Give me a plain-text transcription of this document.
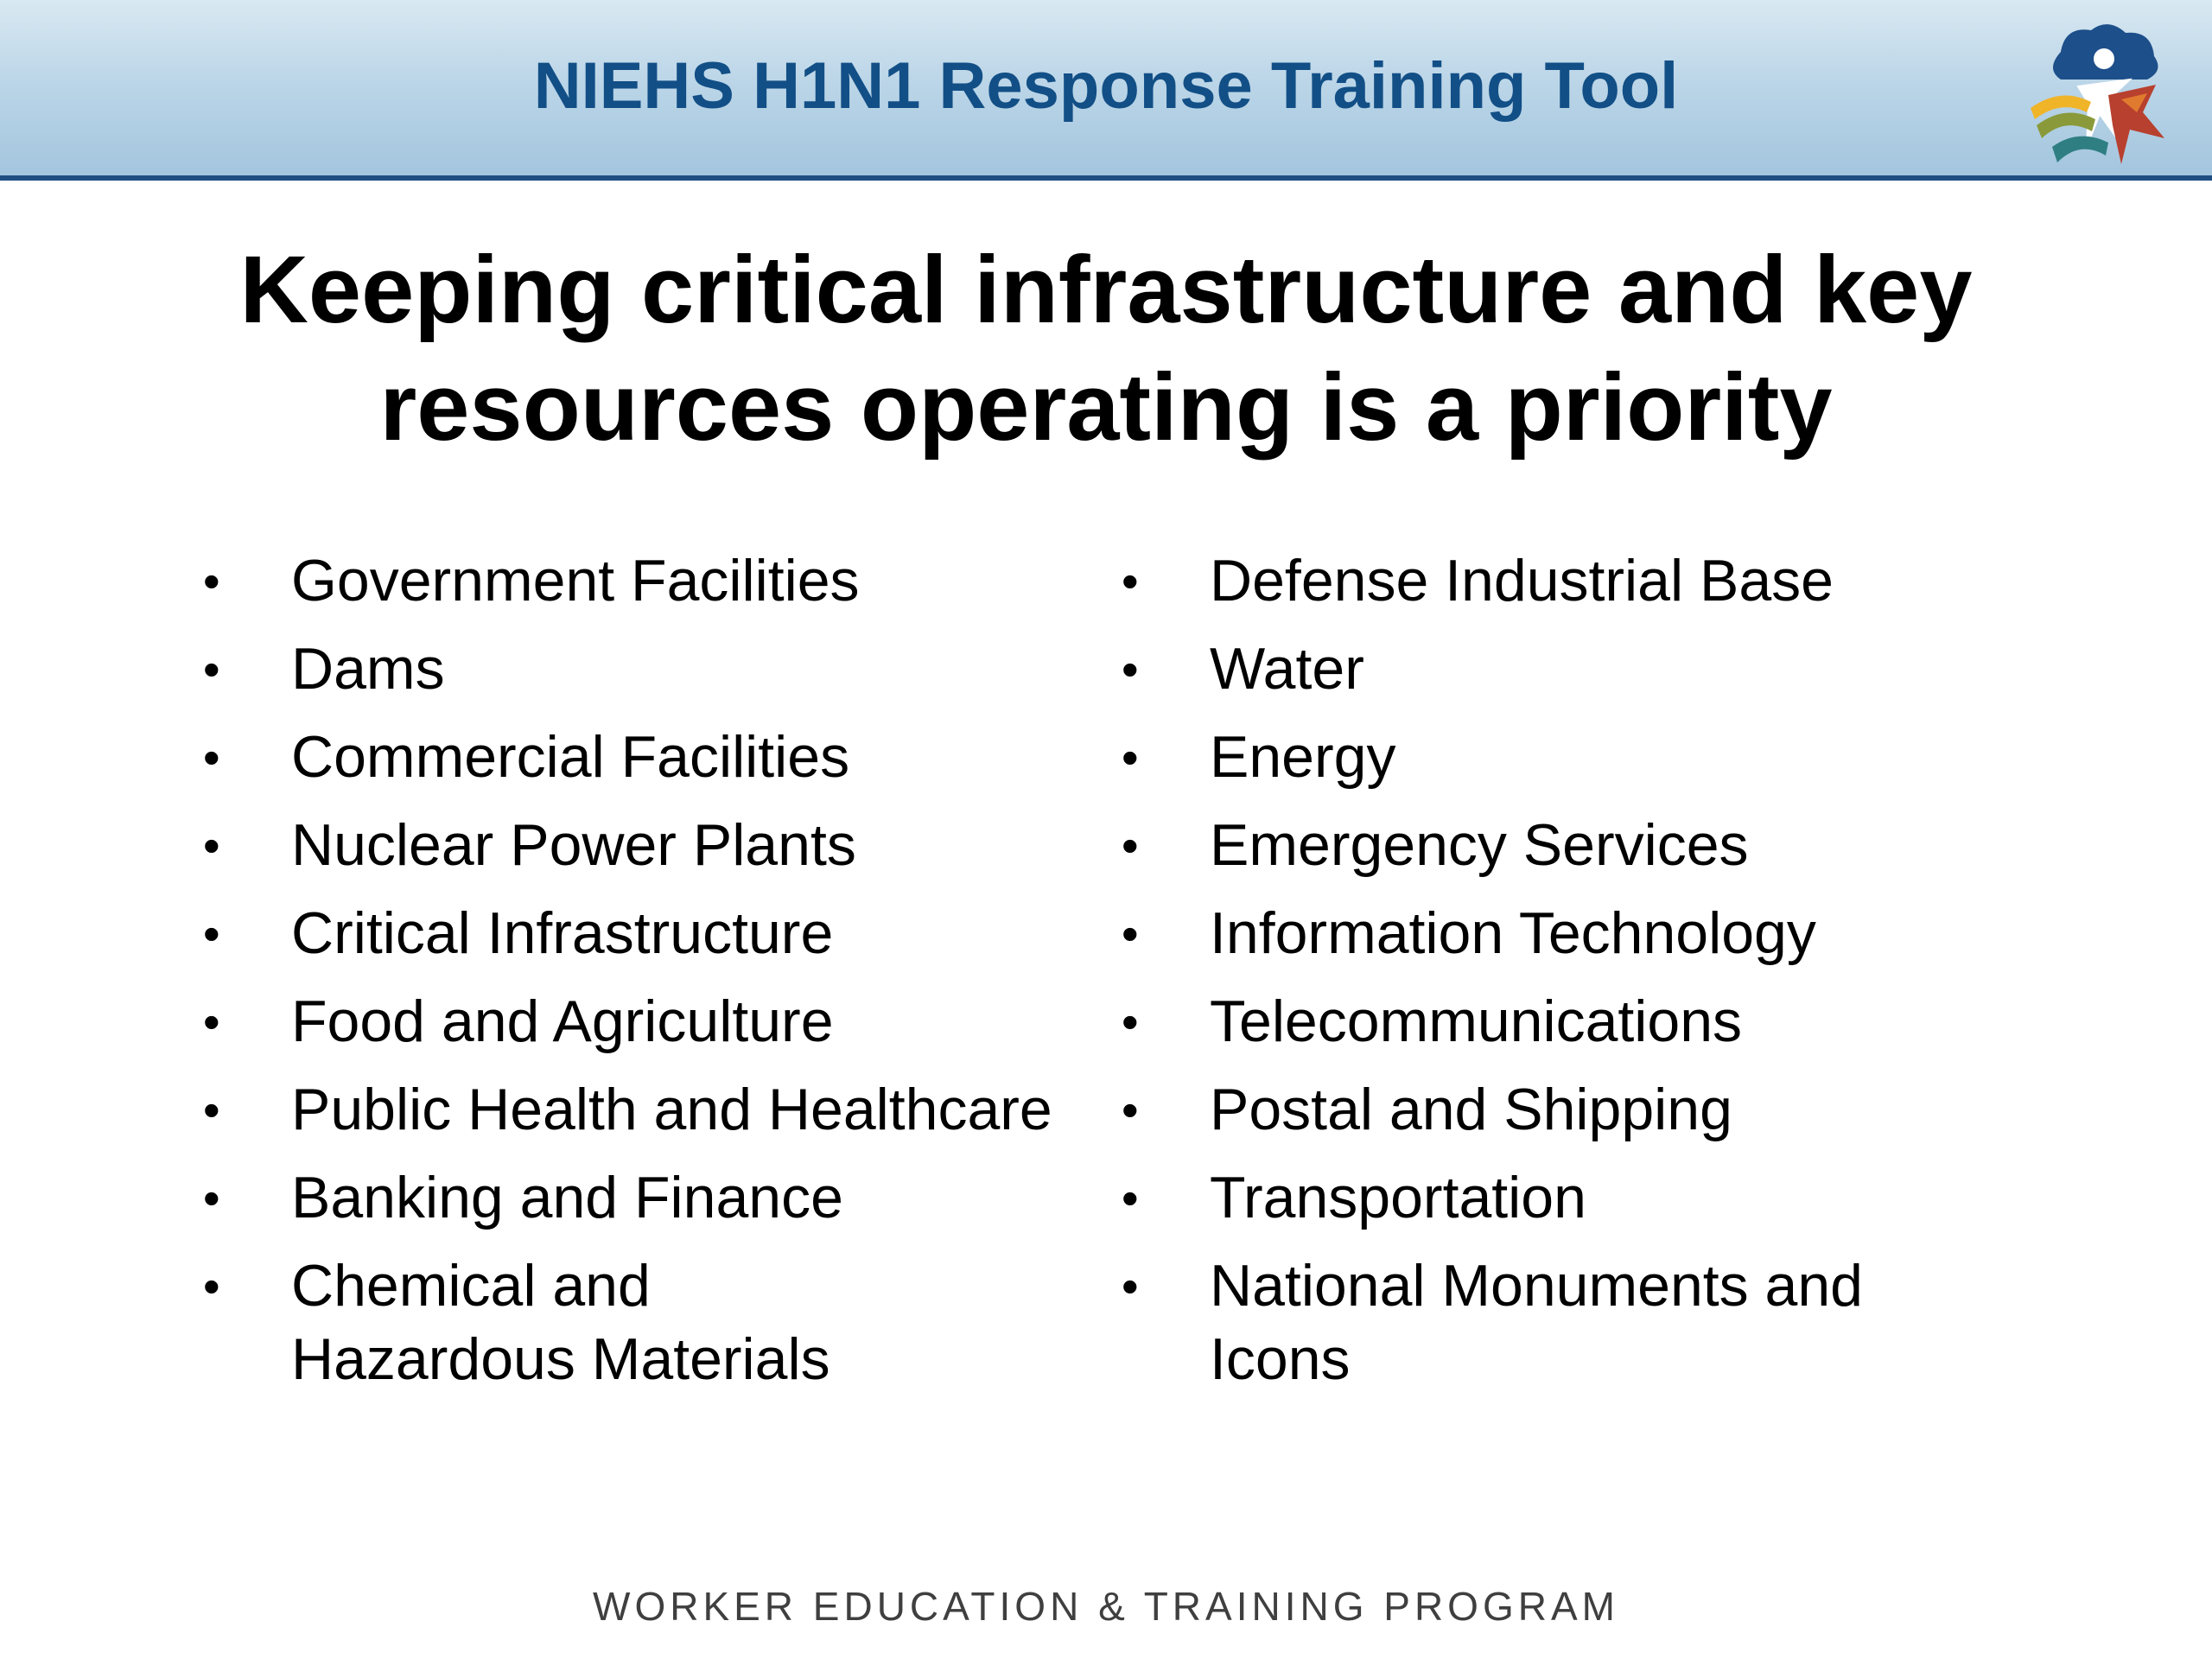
NIEHS H1N1 Response Training Tool
Keeping critical infrastructure and key
resources operating is a priority
• Government Facilities
• Dams
• Commercial Facilities
• Nuclear Power Plants
• Critical Infrastructure
• Food and Agriculture
• Public Health and Healthcare
• Banking and Finance
• Chemical and Hazardous Materials
• Defense Industrial Base
• Water
• Energy
• Emergency Services
• Information Technology
• Telecommunications
• Postal and Shipping
• Transportation
• National Monuments and Icons
WORKER EDUCATION & TRAINING PROGRAM
